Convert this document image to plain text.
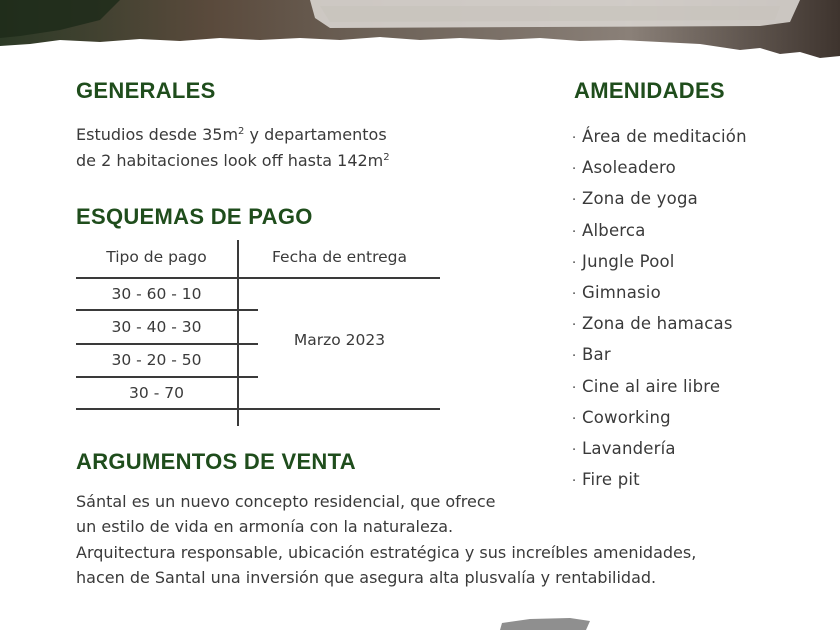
GENERALES

Estudios desde $35m^2$ y departamentos

de 2 habitaciones look off hasta $142m^2$

ESQUEMAS DE PAGO
Tipo de pago	Fecha de entrega
30 - 60 - 10
30 - 40 - 30
30 - 20 - 50
30 - 70
Marzo 2023
ARGUMENTOS DE VENTA

Sántal es un nuevo concepto residencial, que ofrece

un estilo de vida en armonía con la naturaleza.

Arquitectura responsable, ubicación estratégica y sus increíbles amenidades,

hacen de Santal una inversión que asegura alta plusvalía y rentabilidad.

AMENIDADES
· Área de meditación
· Asoleadero
· Zona de yoga
· Alberca
· Jungle Pool
· Gimnasio
· Zona de hamacas
· Bar
· Cine al aire libre
· Coworking
· Lavandería
· Fire pit
